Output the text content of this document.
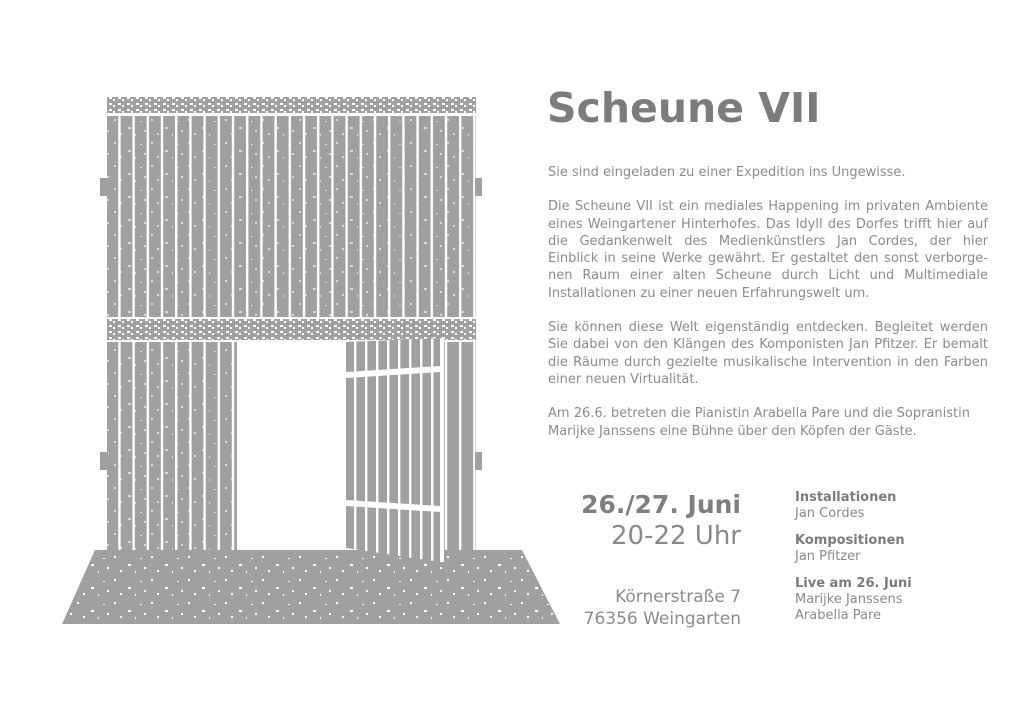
Scheune VII

Sie sind eingeladen zu einer Expedition ins Ungewisse.

Die Scheune VII ist ein mediales Happening im privaten Ambiente eines Weingartener Hinterhofes. Das Idyll des Dorfes trifft hier auf die Gedankenwelt des Medienkünstlers Jan Cordes, der hier Einblick in seine Werke gewährt. Er gestaltet den sonst verborge-nen Raum einer alten Scheune durch Licht und Multimediale Installationen zu einer neuen Erfahrungswelt um.

Sie können diese Welt eigenständig entdecken. Begleitet werden Sie dabei von den Klängen des Komponisten Jan Pfitzer. Er bemalt die Räume durch gezielte musikalische Intervention in den Farben einer neuen Virtualität.

Am 26.6. betreten die Pianistin Arabella Pare und die Sopranistin Marijke Janssens eine Bühne über den Köpfen der Gäste.

26./27. Juni
20-22 Uhr
Körnerstraße 7
76356 Weingarten
Installationen
Jan Cordes
Kompositionen
Jan Pfitzer
Live am 26. Juni
Marijke Janssens
Arabella Pare
